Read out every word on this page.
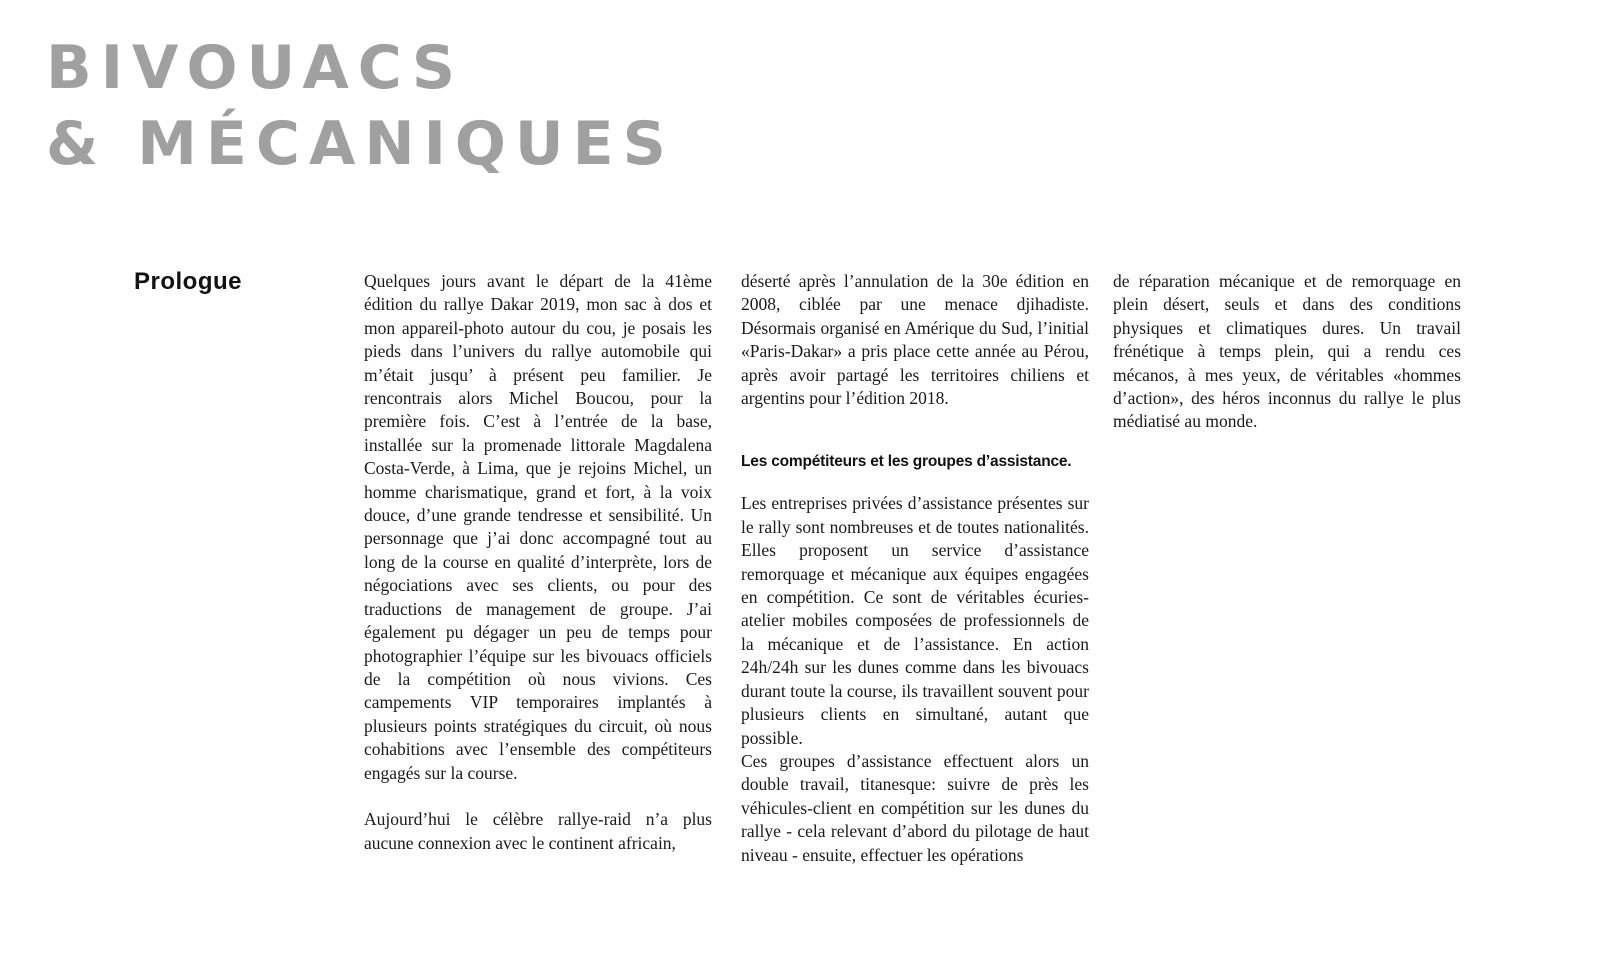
BIVOUACS
& MÉCANIQUES
Prologue	Quelques jours avant le départ de la 41ème édition du rallye Dakar 2019, mon sac à dos et mon appareil-photo autour du cou, je posais les pieds dans l’univers du rallye automobile qui m’était jusqu’ à présent peu familier. Je rencontrais alors Michel Boucou, pour la première fois. C’est à l’entrée de la base, installée sur la promenade littorale Magdalena Costa-Verde, à Lima, que je rejoins Michel, un homme charismatique, grand et fort, à la voix douce, d’une grande tendresse et sensibilité. Un personnage que j’ai donc accompagné tout au long de la course en qualité d’interprète, lors de négociations avec ses clients, ou pour des traductions de management de groupe. J’ai également pu dégager un peu de temps pour photographier l’équipe sur les bivouacs officiels de la compétition où nous vivions. Ces campements VIP temporaires implantés à plusieurs points stratégiques du circuit, où nous cohabitions avec l’ensemble des compétiteurs engagés sur la course.

Aujourd’hui le célèbre rallye-raid n’a plus aucune connexion avec le continent africain,

déserté après l’annulation de la 30e édition en 2008, ciblée par une menace djihadiste. Désormais organisé en Amérique du Sud, l’initial «Paris-Dakar» a pris place cette année au Pérou, après avoir partagé les territoires chiliens et argentins pour l’édition 2018.

Les compétiteurs et les groupes d’assistance.

Les entreprises privées d’assistance présentes sur le rally sont nombreuses et de toutes nationalités. Elles proposent un service d’assistance remorquage et mécanique aux équipes engagées en compétition. Ce sont de véritables écuries-atelier mobiles composées de professionnels de la mécanique et de l’assistance. En action 24h/24h sur les dunes comme dans les bivouacs durant toute la course, ils travaillent souvent pour plusieurs clients en simultané, autant que possible.

Ces groupes d’assistance effectuent alors un double travail, titanesque: suivre de près les véhicules-client en compétition sur les dunes du rallye - cela relevant d’abord du pilotage de haut niveau - ensuite, effectuer les opérations

de réparation mécanique et de remorquage en plein désert, seuls et dans des conditions physiques et climatiques dures. Un travail frénétique à temps plein, qui a rendu ces mécanos, à mes yeux, de véritables «hommes d’action», des héros inconnus du rallye le plus médiatisé au monde.
